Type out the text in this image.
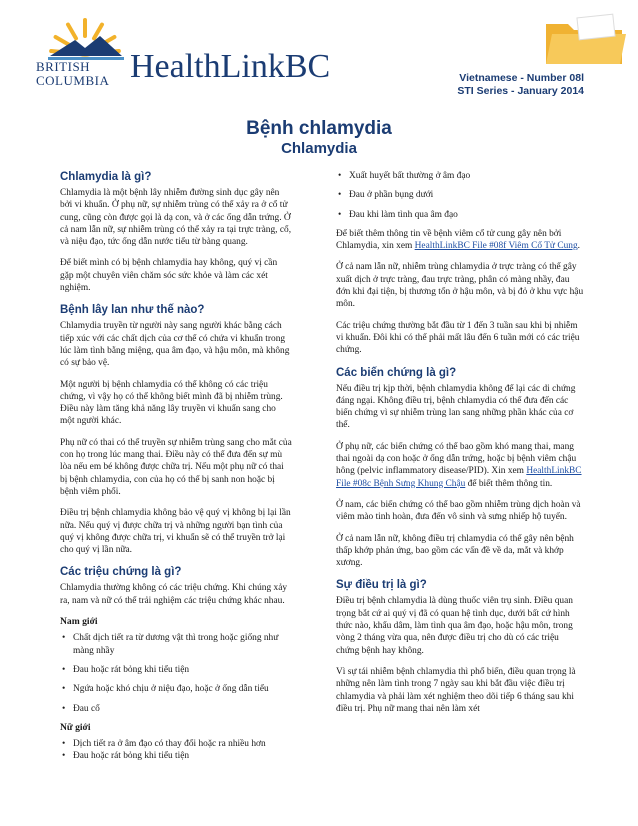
BRITISH
COLUMBIA HealthLinkBC	Vietnamese - Number 08l
STI Series - January 2014
Bệnh chlamydia
Chlamydia
Chlamydia là gì?

Chlamydia là một bệnh lây nhiễm đường sinh dục gây nên bởi vi khuẩn. Ở phụ nữ, sự nhiễm trùng có thể xảy ra ở cổ tử cung, cũng còn được gọi là dạ con, và ở các ống dẫn trứng. Ở cả nam lẫn nữ, sự nhiễm trùng có thể xảy ra tại trực tràng, cổ, và niệu đạo, tức ống dẫn nước tiểu từ bàng quang.

Để biết mình có bị bệnh chlamydia hay không, quý vị cần gặp một chuyên viên chăm sóc sức khỏe và làm các xét nghiệm.

Bệnh lây lan như thế nào?

Chlamydia truyền từ người này sang người khác bằng cách tiếp xúc với các chất dịch của cơ thể có chứa vi khuẩn trong lúc làm tình bằng miệng, qua âm đạo, và hậu môn, mà không có sự bảo vệ.

Một người bị bệnh chlamydia có thể không có các triệu chứng, vì vậy họ có thể không biết mình đã bị nhiễm trùng. Điều này làm tăng khả năng lây truyền vi khuẩn sang cho một người khác.

Phụ nữ có thai có thể truyền sự nhiễm trùng sang cho mắt của con họ trong lúc mang thai. Điều này có thể đưa đến sự mù lòa nếu em bé không được chữa trị. Nếu một phụ nữ có thai bị bệnh chlamydia, con của họ có thể bị sanh non hoặc bị bệnh viêm phổi.

Điều trị bệnh chlamydia không bảo vệ quý vị không bị lại lần nữa. Nếu quý vị được chữa trị và những người bạn tình của quý vị không được chữa trị, vi khuẩn sẽ có thể truyền trở lại cho quý vị lần nữa.

Các triệu chứng là gì?

Chlamydia thường không có các triệu chứng. Khi chúng xảy ra, nam và nữ có thể trải nghiệm các triệu chứng khác nhau.

Nam giới
• Chất dịch tiết ra từ dương vật thì trong hoặc giống như màng nhầy
• Đau hoặc rát bỏng khi tiểu tiện
• Ngứa hoặc khó chịu ở niệu đạo, hoặc ở ống dẫn tiểu
• Đau cổ
Nữ giới
• Dịch tiết ra ở âm đạo có thay đổi hoặc ra nhiều hơn
• Đau hoặc rát bỏng khi tiểu tiện
• Xuất huyết bất thường ở âm đạo
• Đau ở phần bụng dưới
• Đau khi làm tình qua âm đạo

Để biết thêm thông tin về bệnh viêm cổ tử cung gây nên bởi Chlamydia, xin xem HealthLinkBC File #08f Viêm Cổ Tử Cung.

Ở cả nam lẫn nữ, nhiễm trùng chlamydia ở trực tràng có thể gây xuất dịch ở trực tràng, đau trực tràng, phân có màng nhầy, đau đớn khi đại tiện, bị thương tổn ở hậu môn, và bị đỏ ở khu vực hậu môn.

Các triệu chứng thường bắt đầu từ 1 đến 3 tuần sau khi bị nhiễm vi khuẩn. Đôi khi có thể phải mất lâu đến 6 tuần mới có các triệu chứng.

Các biến chứng là gì?

Nếu điều trị kịp thời, bệnh chlamydia không để lại các di chứng đáng ngại. Không điều trị, bệnh chlamydia có thể đưa đến các biến chứng vì sự nhiễm trùng lan sang những phần khác của cơ thể.

Ở phụ nữ, các biến chứng có thể bao gồm khó mang thai, mang thai ngoài dạ con hoặc ở ống dẫn trứng, hoặc bị bệnh viêm chậu hông (pelvic inflammatory disease/PID). Xin xem HealthLinkBC File #08c Bệnh Sưng Khung Chậu để biết thêm thông tin.

Ở nam, các biến chứng có thể bao gồm nhiễm trùng dịch hoàn và viêm mào tinh hoàn, đưa đến vô sinh và sưng nhiếp hộ tuyến.

Ở cả nam lẫn nữ, không điều trị chlamydia có thể gây nên bệnh thấp khớp phản ứng, bao gồm các vấn đề về da, mắt và khớp xương.

Sự điều trị là gì?

Điều trị bệnh chlamydia là dùng thuốc viên trụ sinh. Điều quan trọng bắt cứ ai quý vị đã có quan hệ tình dục, dưới bất cứ hình thức nào, khẩu dâm, làm tình qua âm đạo, hoặc hậu môn, trong vòng 2 tháng vừa qua, nên được điều trị cho dù có các triệu chứng bệnh hay không.

Vì sự tái nhiễm bệnh chlamydia thì phổ biến, điều quan trọng là những nên làm tình trong 7 ngày sau khi bắt đầu việc điều trị chlamydia và phải làm xét nghiệm theo dõi tiếp 6 tháng sau khi điều trị. Phụ nữ mang thai nên làm xét
